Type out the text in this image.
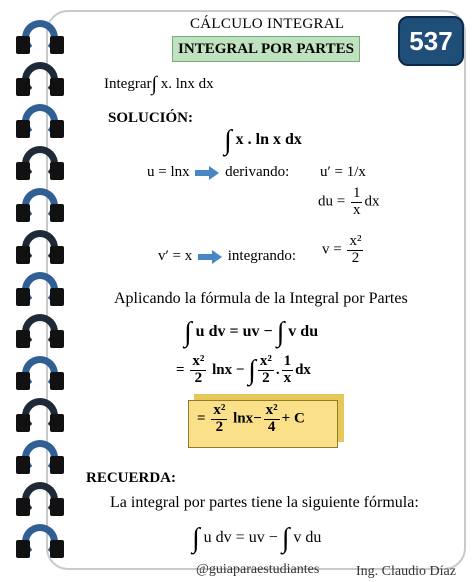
CÁLCULO INTEGRAL
INTEGRAL POR PARTES	537
Integrar∫ x. lnx dx
SOLUCIÓN:
∫ x . ln x dx
u = lnx derivando: u′ = 1/x
du = $\frac{1}{x}$ dx
v′ = x integrando: $v = \frac{\text{x²}}{2}$
Aplicando la fórmula de la Integral por Partes
∫ u dv = uv − ∫ v du
= $\frac{\text{x²}}{2}$ lnx − ∫ $\frac{\text{x²}}{2}$ . $\frac{1}{x}$ dx
= $\frac{\text{x²}}{2} \ln x- \frac{\text{x²}}{4} + C$
RECUERDA:
La integral por partes tiene la siguiente fórmula:
∫ u dv = uv − ∫ v du
@guiaparaestudiantes	Ing. Claudio Díaz
